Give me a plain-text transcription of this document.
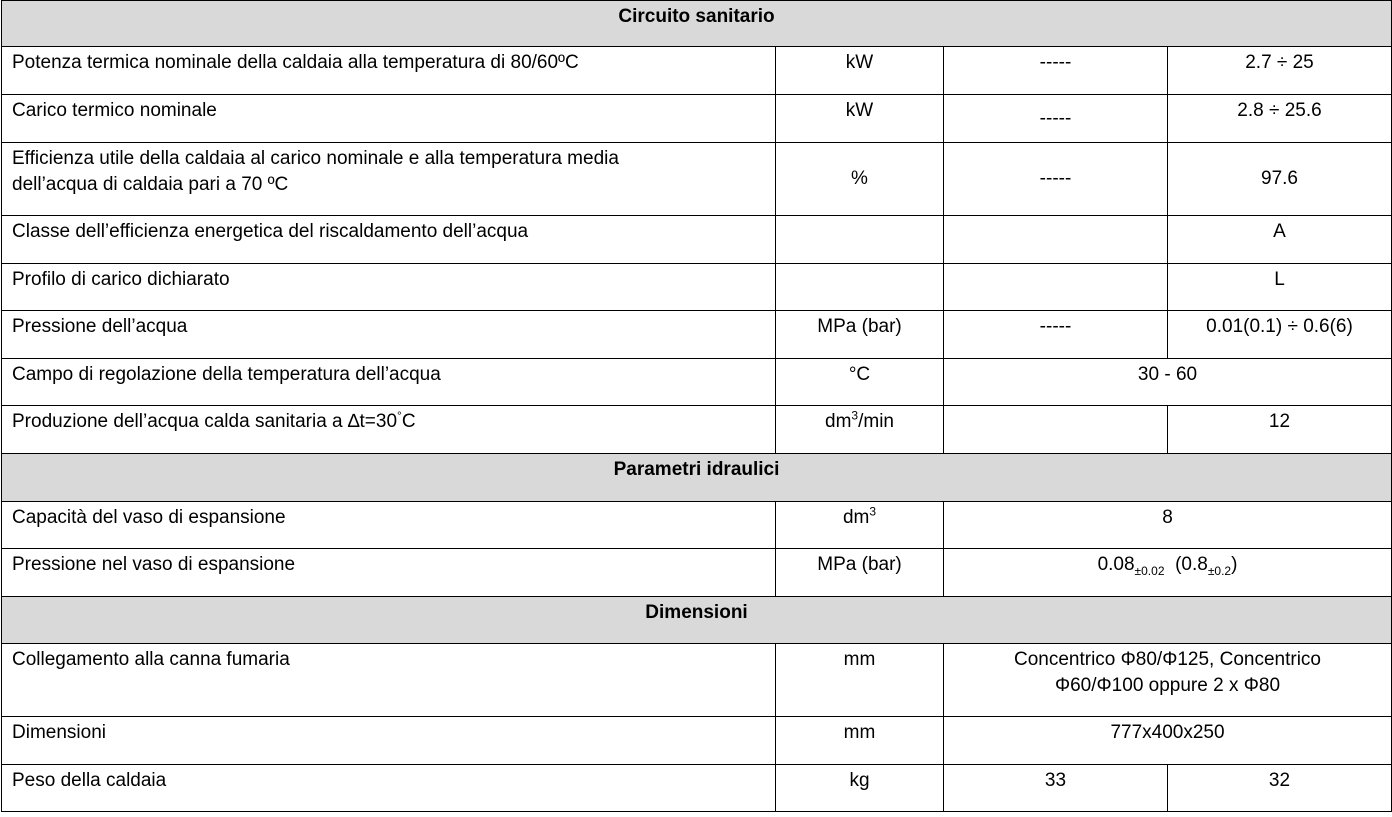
Circuito sanitario			
Potenza termica nominale della caldaia alla temperatura di 80/60ºC	kW	-----	2.7 ÷ 25
Carico termico nominale	kW	-----	2.8 ÷ 25.6

Efficienza utile della caldaia al carico nominale e alla temperatura media
dell’acqua di caldaia pari a 70 ºC	%	-----	97.6
Classe dell’efficienza energetica del riscaldamento dell’acqua			A
Profilo di carico dichiarato			L
Pressione dell’acqua	MPa (bar)	-----	0.01(0.1) ÷ 0.6(6)
Campo di regolazione della temperatura dell’acqua	°C	30 - 60	
Produzione dell’acqua calda sanitaria a ∆t=30°C	$dm^3/\min$		12
Parametri idraulici			
Capacità del vaso di espansione	$dm^3$	8	
Pressione nel vaso di espansione	MPa (bar)	$0.08_{\pm 0.02}$ $(0.8_{\pm 0.2})$	
Dimensioni			
Collegamento alla canna fumaria	mm	Concentrico Φ80/Φ125, Concentrico
Φ60/Φ100 oppure 2 x Φ80	

Dimensioni	mm	777x400x250	
Peso della caldaia	kg	33	32
